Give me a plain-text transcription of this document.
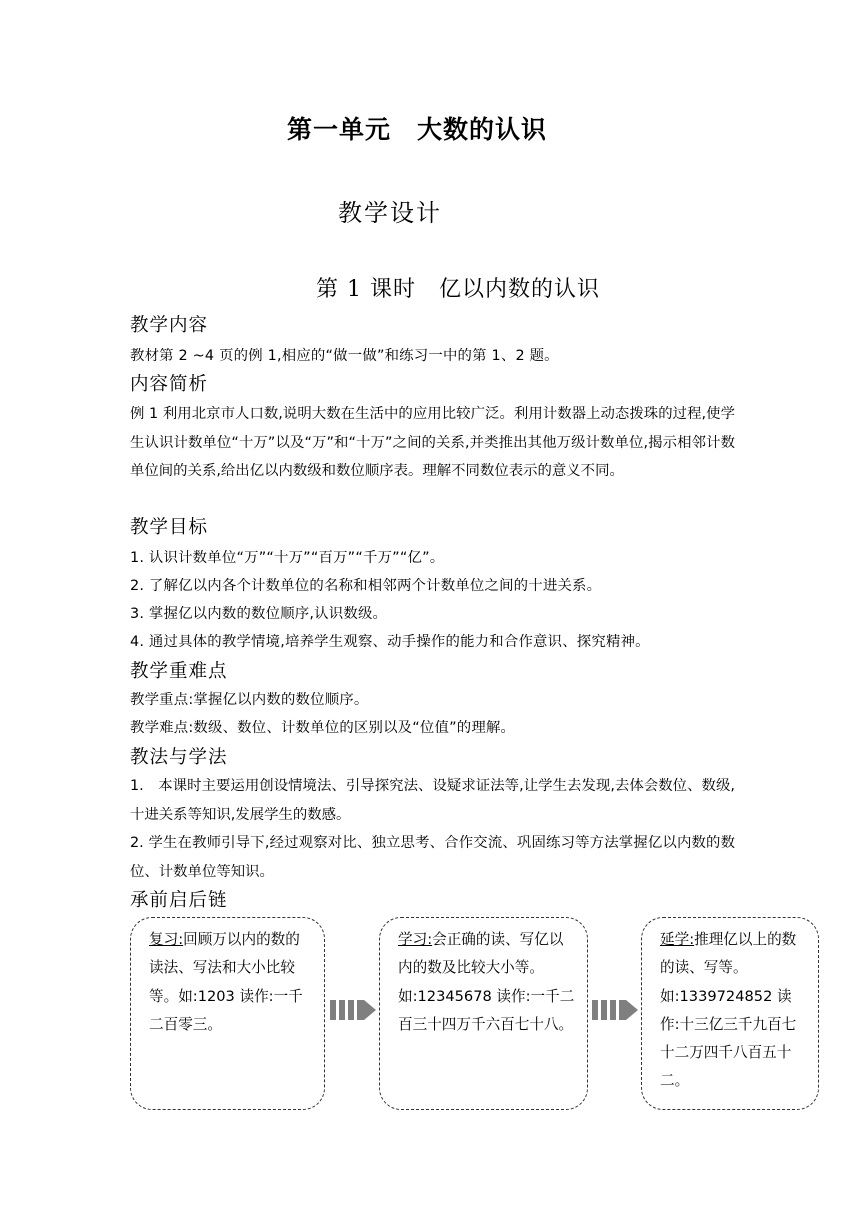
第一单元　大数的认识
教学设计
第 1 课时　亿以内数的认识
教学内容
教材第 2 ~4 页的例 1,相应的“做一做”和练习一中的第 1、2 题。
内容简析
例 1 利用北京市人口数,说明大数在生活中的应用比较广泛。利用计数器上动态拨珠的过程,使学生认识计数单位“十万”以及“万”和“十万”之间的关系,并类推出其他万级计数单位,揭示相邻计数单位间的关系,给出亿以内数级和数位顺序表。理解不同数位表示的意义不同。
教学目标
1. 认识计数单位“万”“十万”“百万”“千万”“亿”。
2. 了解亿以内各个计数单位的名称和相邻两个计数单位之间的十进关系。
3. 掌握亿以内数的数位顺序,认识数级。
4. 通过具体的教学情境,培养学生观察、动手操作的能力和合作意识、探究精神。
教学重难点
教学重点:掌握亿以内数的数位顺序。
教学难点:数级、数位、计数单位的区别以及“位值”的理解。
教法与学法
1.　本课时主要运用创设情境法、引导探究法、设疑求证法等,让学生去发现,去体会数位、数级,十进关系等知识,发展学生的数感。
2. 学生在教师引导下,经过观察对比、独立思考、合作交流、巩固练习等方法掌握亿以内数的数位、计数单位等知识。
承前启后链
复习:回顾万以内的数的读法、写法和大小比较等。如:1203 读作:一千二百零三。
学习:会正确的读、写亿以内的数及比较大小等。如:12345678 读作:一千二百三十四万千六百七十八。
延学:推理亿以上的数的读、写等。如:1339724852 读作:十三亿三千九百七十二万四千八百五十二。
